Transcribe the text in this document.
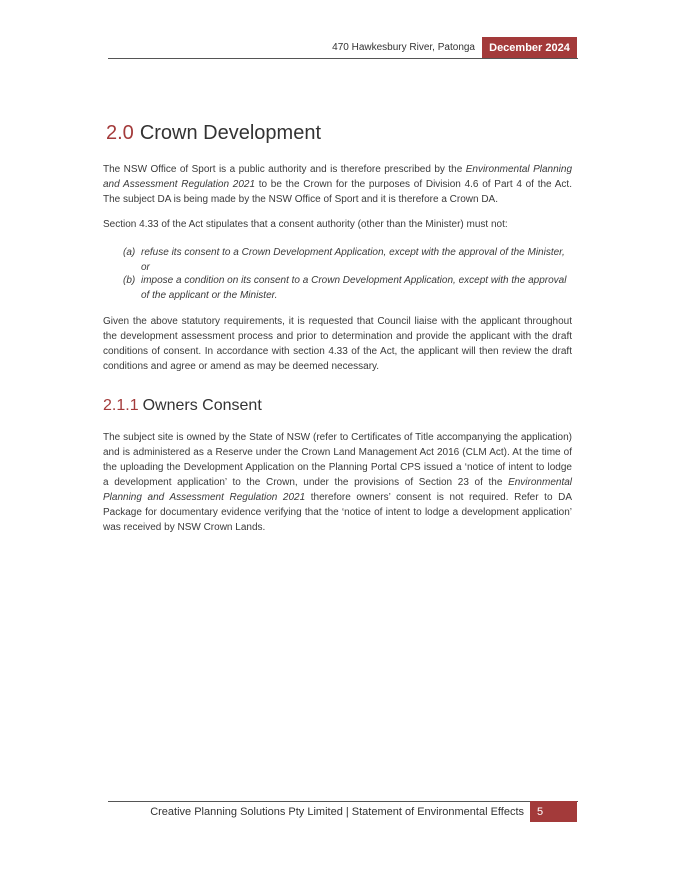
470 Hawkesbury River, Patonga	December 2024
2.0 Crown Development

The NSW Office of Sport is a public authority and is therefore prescribed by the Environmental Planning and Assessment Regulation 2021 to be the Crown for the purposes of Division 4.6 of Part 4 of the Act. The subject DA is being made by the NSW Office of Sport and it is therefore a Crown DA.

Section 4.33 of the Act stipulates that a consent authority (other than the Minister) must not:

(a) refuse its consent to a Crown Development Application, except with the approval of the Minister, or
(b) impose a condition on its consent to a Crown Development Application, except with the approval of the applicant or the Minister.

Given the above statutory requirements, it is requested that Council liaise with the applicant throughout the development assessment process and prior to determination and provide the applicant with the draft conditions of consent. In accordance with section 4.33 of the Act, the applicant will then review the draft conditions and agree or amend as may be deemed necessary.

2.1.1 Owners Consent

The subject site is owned by the State of NSW (refer to Certificates of Title accompanying the application) and is administered as a Reserve under the Crown Land Management Act 2016 (CLM Act). At the time of the uploading the Development Application on the Planning Portal CPS issued a ‘notice of intent to lodge a development application’ to the Crown, under the provisions of Section 23 of the Environmental Planning and Assessment Regulation 2021 therefore owners’ consent is not required. Refer to DA Package for documentary evidence verifying that the ‘notice of intent to lodge a development application’ was received by NSW Crown Lands.

Creative Planning Solutions Pty Limited | Statement of Environmental Effects	5
